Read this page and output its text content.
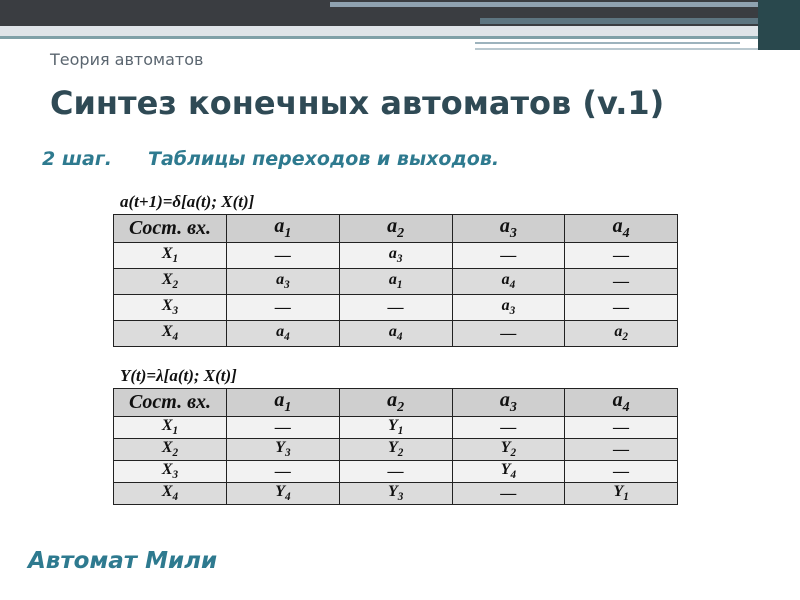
Теория автоматов
Синтез конечных автоматов (v.1)
2 шаг. Таблицы переходов и выходов.
a(t+1)=δ[a(t); X(t)]
Сост. вх.	$a_1$	$a_2$	$a_3$	$a_4$
$X_1$	—	$a_3$	—	—
$X_2$	$a_3$	$a_1$	$a_4$	—
$X_3$	—	—	$a_3$	—
$X_4$	$a_4$	$a_4$	—	$a_2$
Y(t)=λ[a(t); X(t)]
Сост. вх.	$a_1$	$a_2$	$a_3$	$a_4$
$X_1$	—	$Y_1$	—	—
$X_2$	$Y_3$	$Y_2$	$Y_2$	—
$X_3$	—	—	$Y_4$	—
$X_4$	$Y_4$	$Y_3$	—	$Y_1$
Автомат Мили
